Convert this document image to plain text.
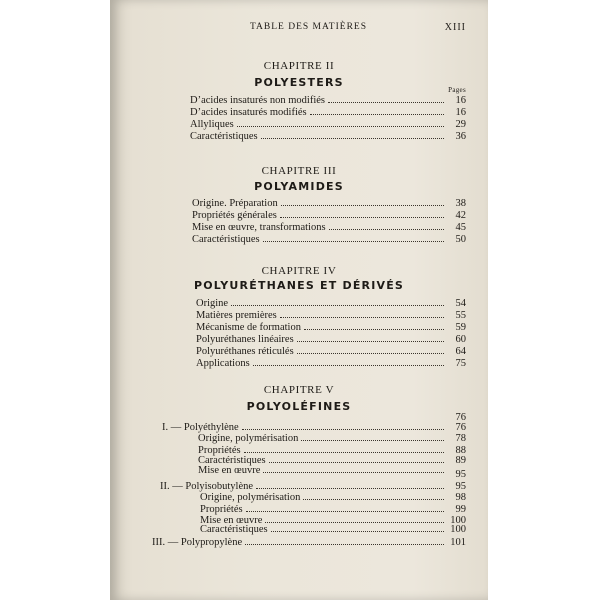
TABLE DES MATIÈRES	XIII
CHAPITRE II
POLYESTERS
Pages
D’acides insaturés non modifiés	16
D’acides insaturés modifiés	16
Allyliques	29
Caractéristiques	36
CHAPITRE III
POLYAMIDES
Origine. Préparation	38
Propriétés générales	42
Mise en œuvre, transformations	45
Caractéristiques	50
CHAPITRE IV
POLYURÉTHANES ET DÉRIVÉS
Origine	54
Matières premières	55
Mécanisme de formation	59
Polyuréthanes linéaires	60
Polyuréthanes réticulés	64
Applications	75
CHAPITRE V
POLYOLÉFINES
76
I. — Polyéthylène	76
Origine, polymérisation	78
Propriétés	88
Caractéristiques	89
Mise en œuvre	95
II. — Polyisobutylène	95
Origine, polymérisation	98
Propriétés	99
Mise en œuvre	100
Caractéristiques	100
III. — Polypropylène	101
